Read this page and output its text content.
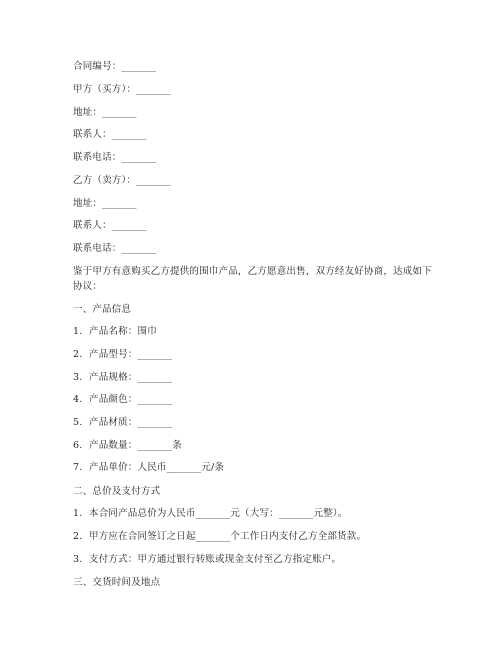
合同编号：_______
甲方（买方）：_______
地址：_______
联系人：_______
联系电话：_______
乙方（卖方）：_______
地址：_______
联系人：_______
联系电话：_______
鉴于甲方有意购买乙方提供的围巾产品，乙方愿意出售，双方经友好协商，达成如下协议：
一、产品信息
1. 产品名称：围巾
2. 产品型号：_______
3. 产品规格：_______
4. 产品颜色：_______
5. 产品材质：_______
6. 产品数量：_______条
7. 产品单价：人民币_______元/条
二、总价及支付方式
1. 本合同产品总价为人民币_______元（大写：_______元整）。
2. 甲方应在合同签订之日起_______个工作日内支付乙方全部货款。
3. 支付方式：甲方通过银行转账或现金支付至乙方指定账户。
三、交货时间及地点
